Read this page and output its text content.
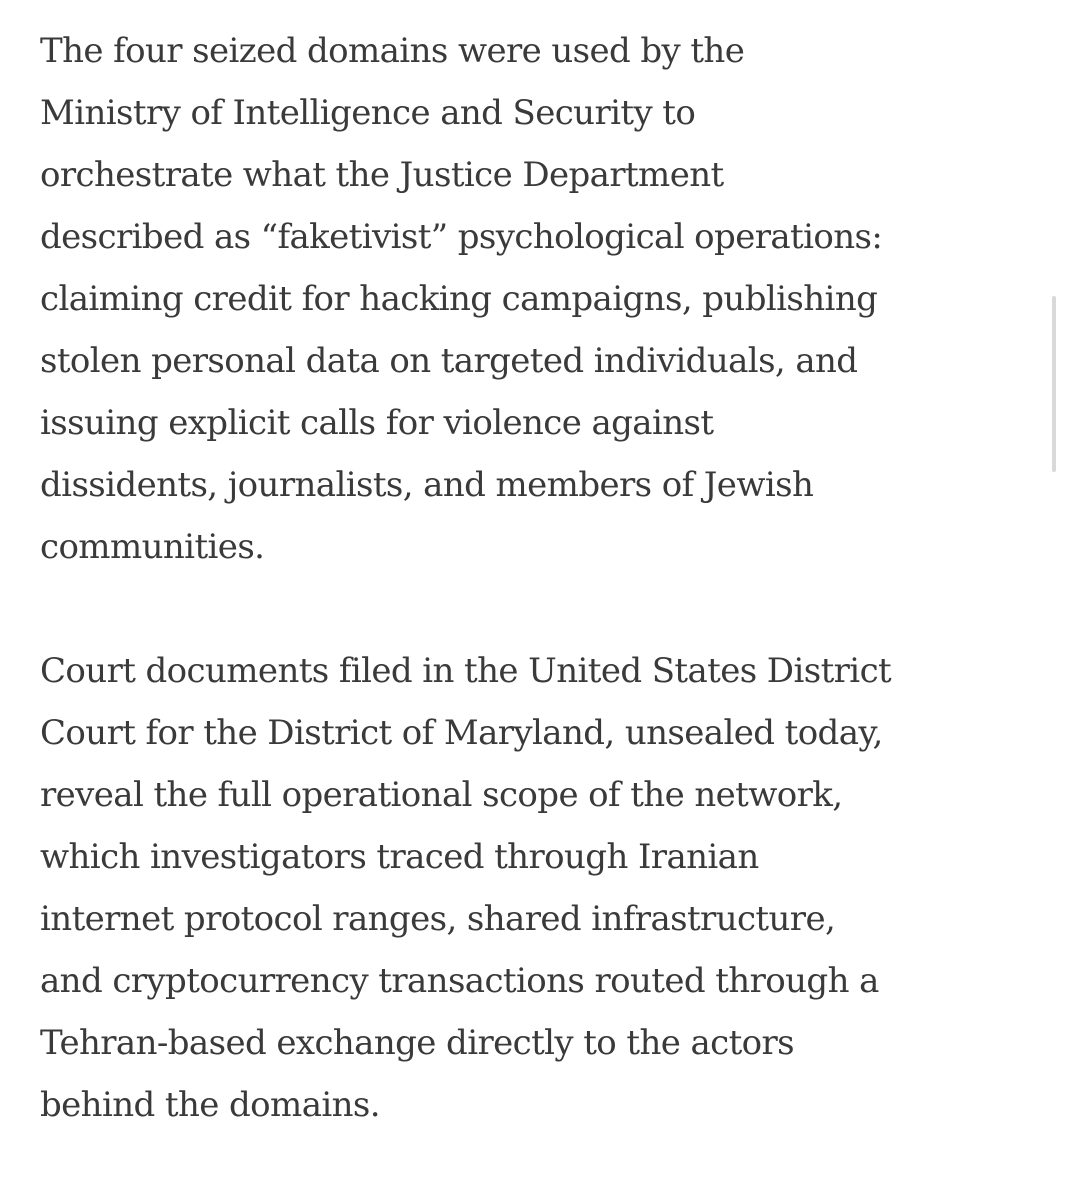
The four seized domains were used by the
Ministry of Intelligence and Security to
orchestrate what the Justice Department
described as “faketivist” psychological operations:
claiming credit for hacking campaigns, publishing
stolen personal data on targeted individuals, and
issuing explicit calls for violence against
dissidents, journalists, and members of Jewish
communities.

Court documents filed in the United States District
Court for the District of Maryland, unsealed today,
reveal the full operational scope of the network,
which investigators traced through Iranian
internet protocol ranges, shared infrastructure,
and cryptocurrency transactions routed through a
Tehran-based exchange directly to the actors
behind the domains.
